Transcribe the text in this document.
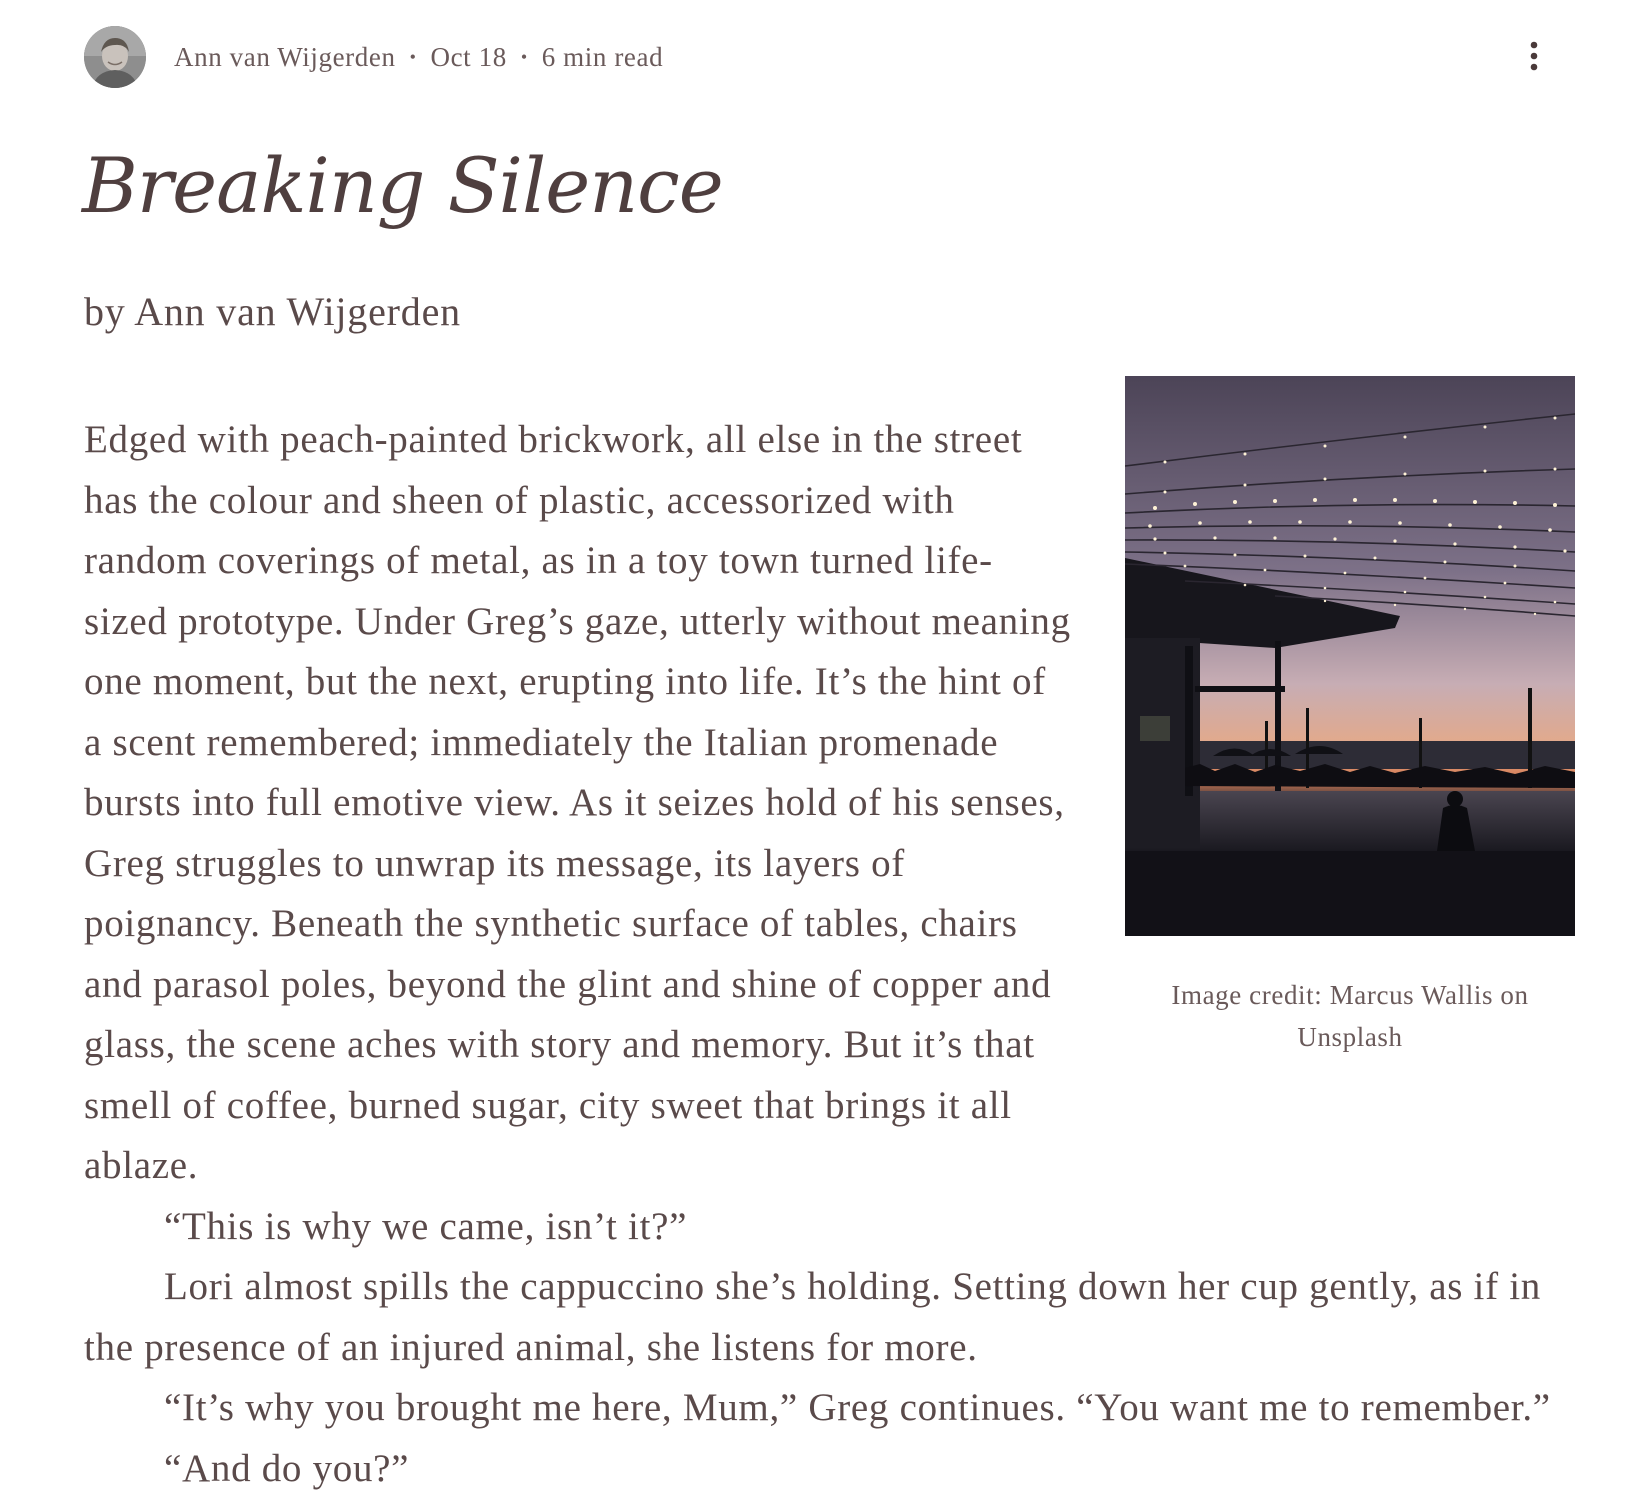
Ann van Wijgerden • Oct 18 • 6 min read
Breaking Silence

by Ann van Wijgerden

Image credit: Marcus Wallis on Unsplash

Edged with peach-painted brickwork, all else in the street has the colour and sheen of plastic, accessorized with random coverings of metal, as in a toy town turned life-sized prototype. Under Greg’s gaze, utterly without meaning one moment, but the next, erupting into life. It’s the hint of a scent remembered; immediately the Italian promenade bursts into full emotive view. As it seizes hold of his senses, Greg struggles to unwrap its message, its layers of poignancy. Beneath the synthetic surface of tables, chairs and parasol poles, beyond the glint and shine of copper and glass, the scene aches with story and memory. But it’s that smell of coffee, burned sugar, city sweet that brings it all ablaze.

“This is why we came, isn’t it?”

Lori almost spills the cappuccino she’s holding. Setting down her cup gently, as if in the presence of an injured animal, she listens for more.

“It’s why you brought me here, Mum,” Greg continues. “You want me to remember.”

“And do you?”
